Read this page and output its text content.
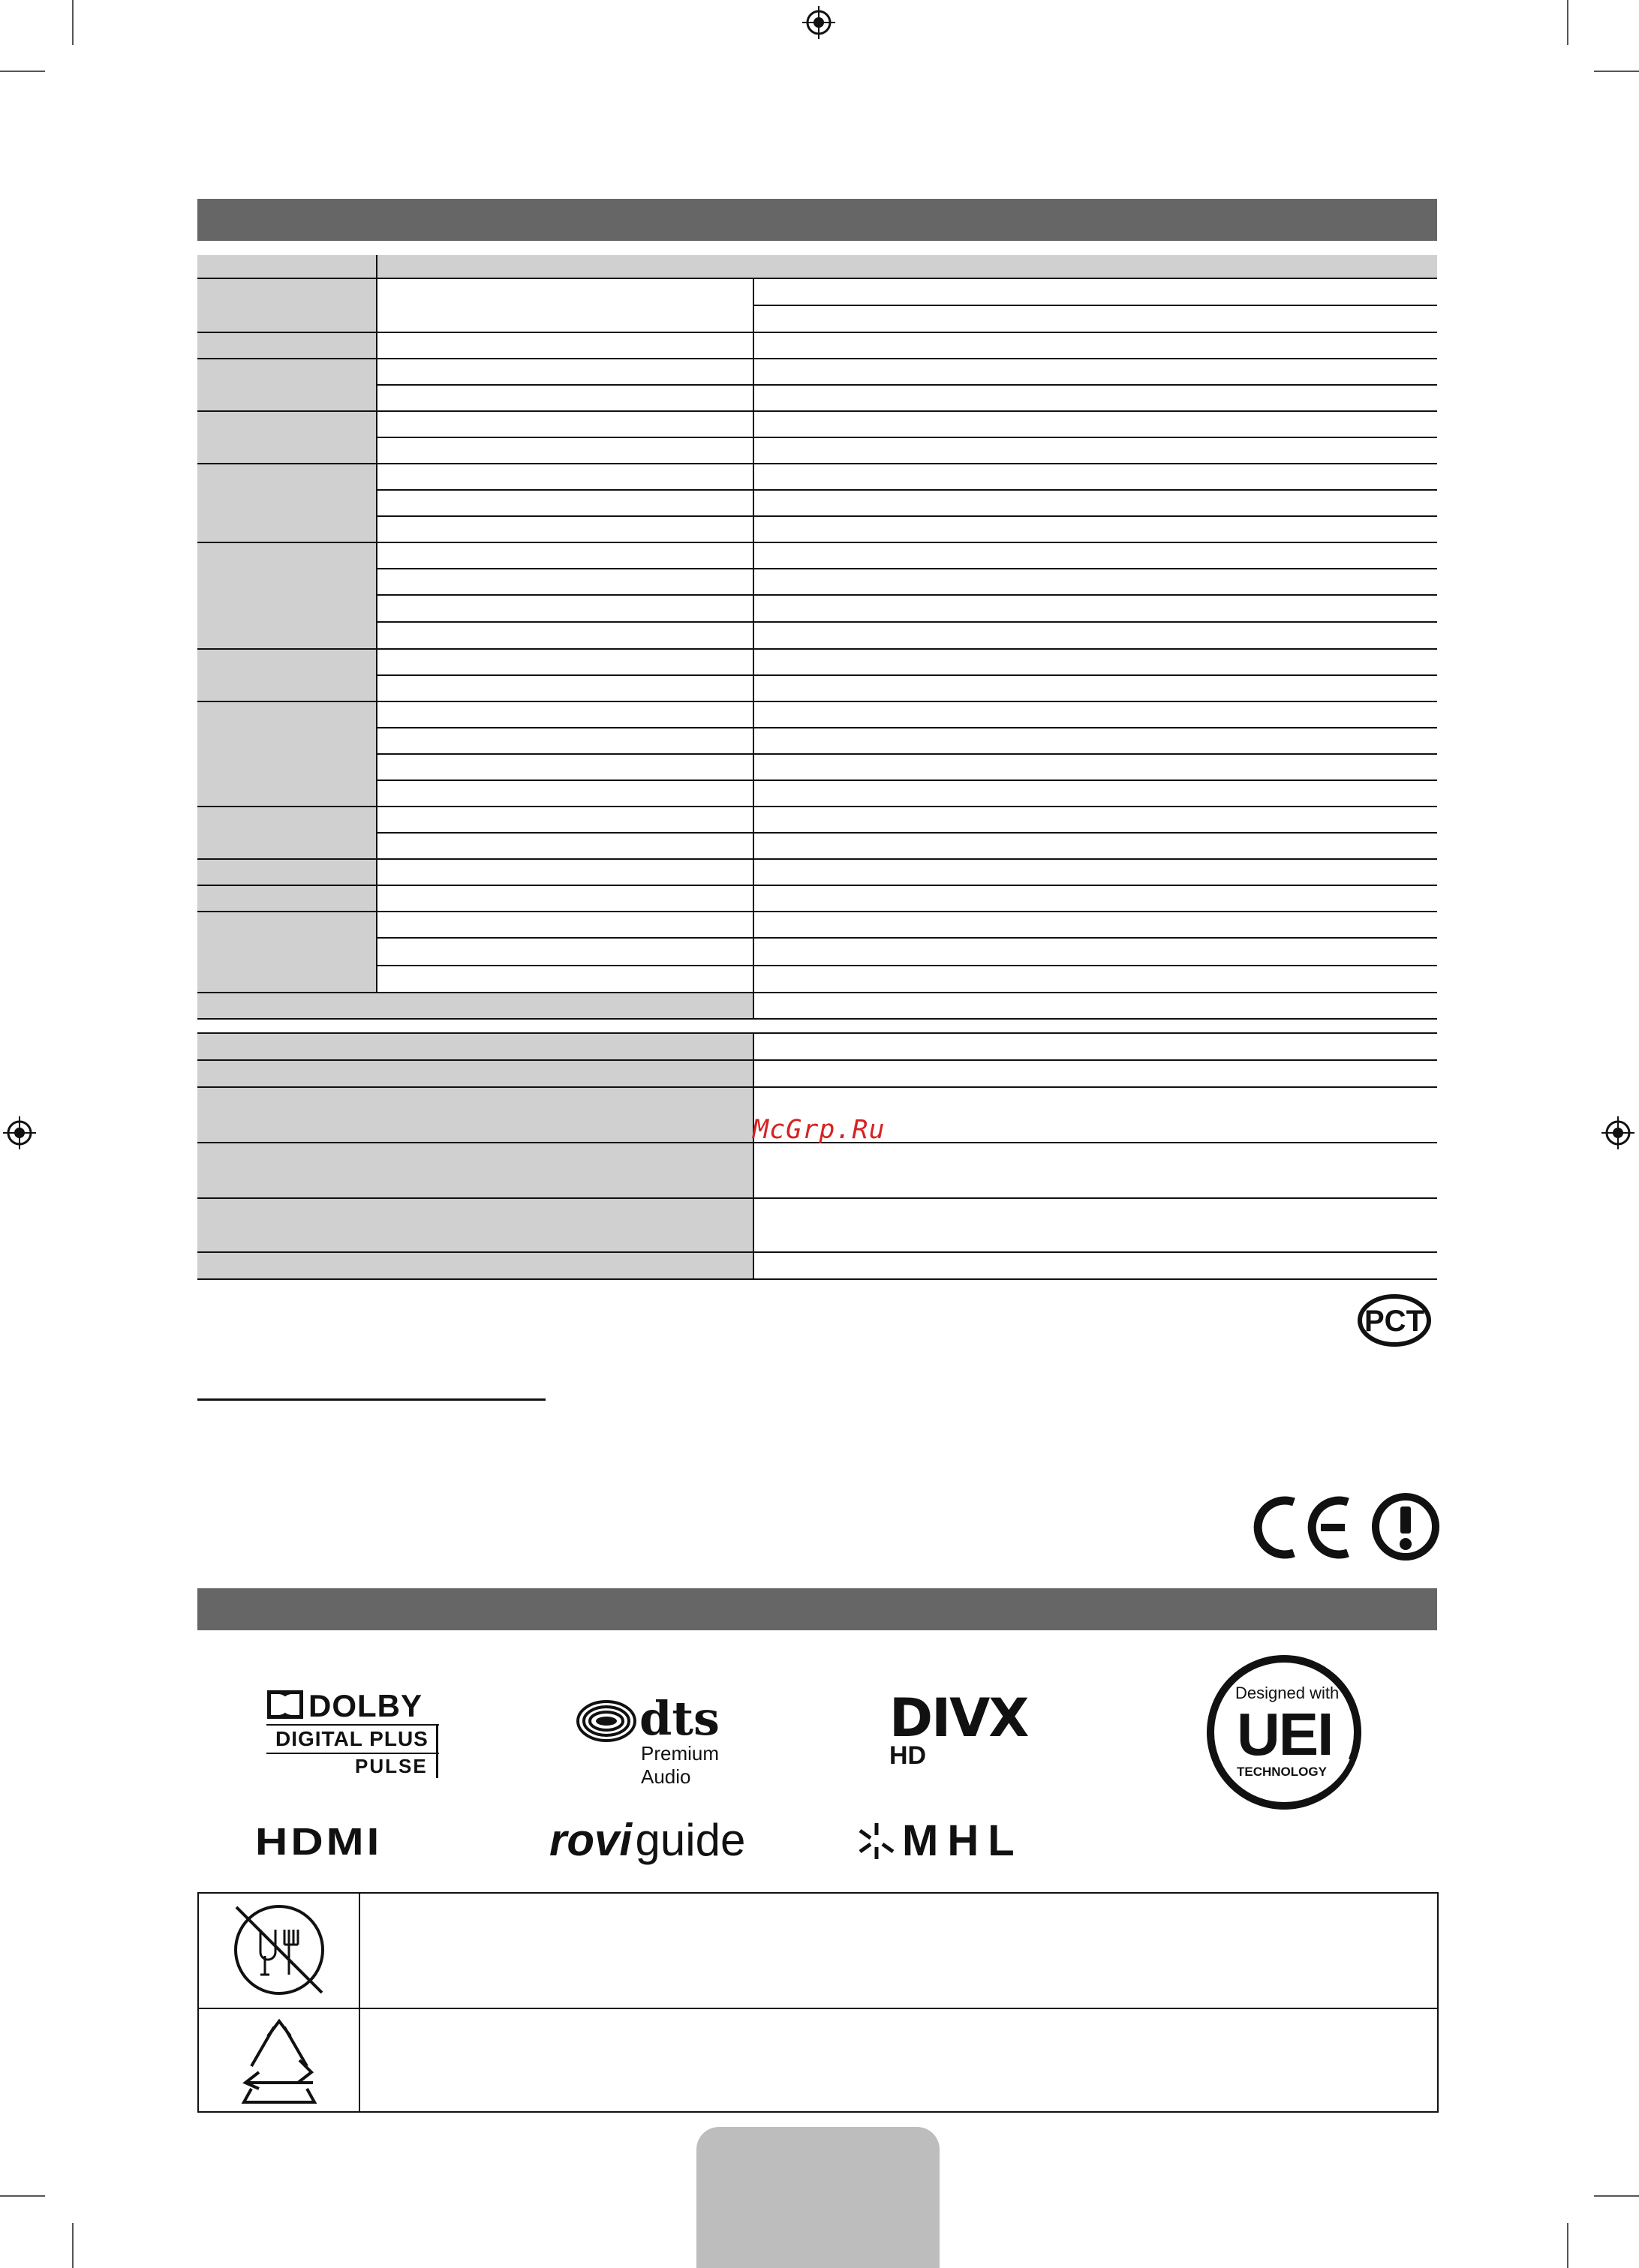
McGrp.Ru
PCT
DOLBY
DIGITAL PLUS
PULSE
dts
Premium Audio
DIVX
HD
Designed with
UEI
TECHNOLOGY
HDMI	rovi guide	MHL
